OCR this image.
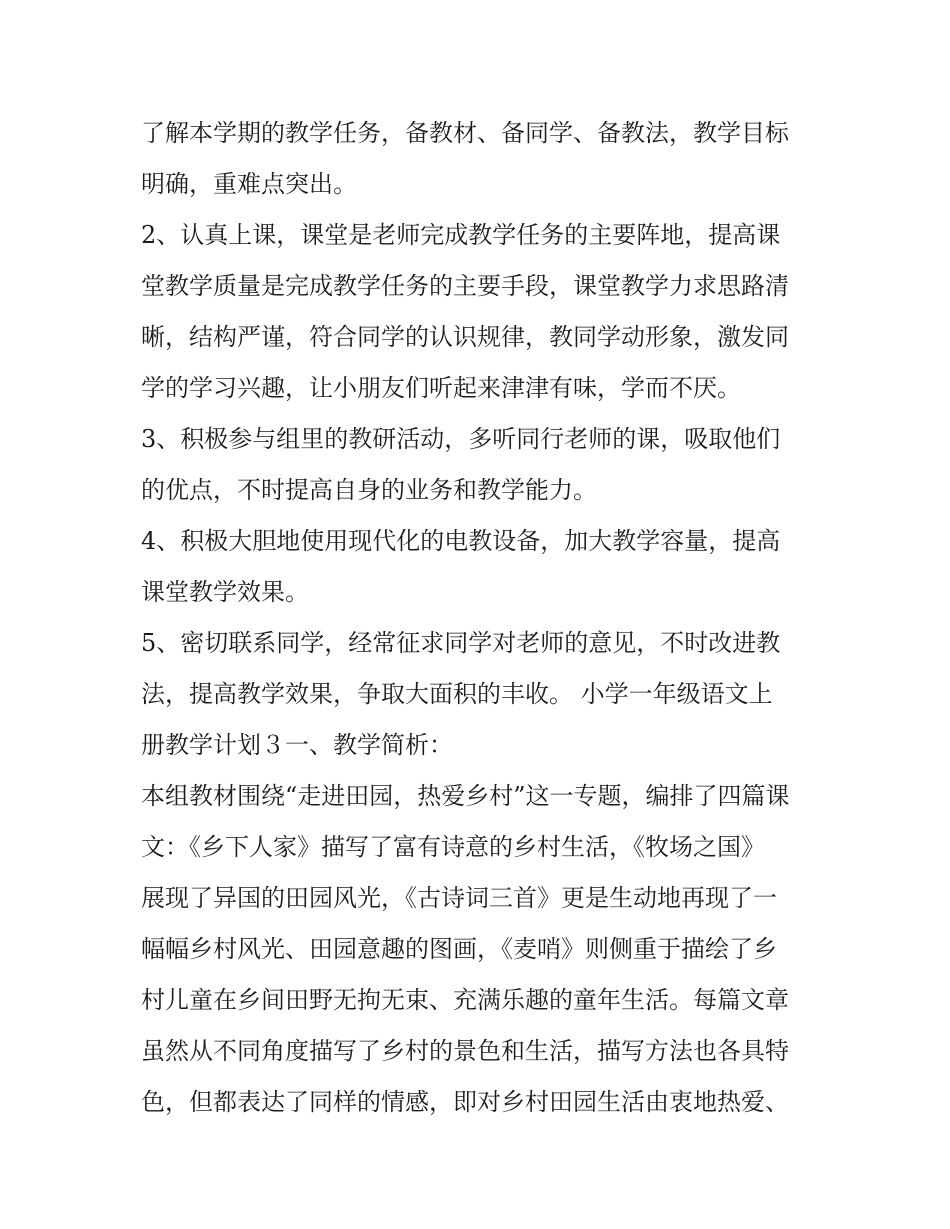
了解本学期的教学任务，备教材、备同学、备教法，教学目标
明确，重难点突出。
2、认真上课，课堂是老师完成教学任务的主要阵地，提高课
堂教学质量是完成教学任务的主要手段，课堂教学力求思路清
晰，结构严谨，符合同学的认识规律，教同学动形象，激发同
学的学习兴趣，让小朋友们听起来津津有味，学而不厌。
3、积极参与组里的教研活动，多听同行老师的课，吸取他们
的优点，不时提高自身的业务和教学能力。
4、积极大胆地使用现代化的电教设备，加大教学容量，提高
课堂教学效果。
5、密切联系同学，经常征求同学对老师的意见，不时改进教
法，提高教学效果，争取大面积的丰收。 小学一年级语文上
册教学计划３一、教学简析：
本组教材围绕“走进田园，热爱乡村”这一专题，编排了四篇课
文：《乡下人家》描写了富有诗意的乡村生活，《牧场之国》
展现了异国的田园风光，《古诗词三首》更是生动地再现了一
幅幅乡村风光、田园意趣的图画，《麦哨》则侧重于描绘了乡
村儿童在乡间田野无拘无束、充满乐趣的童年生活。每篇文章
虽然从不同角度描写了乡村的景色和生活，描写方法也各具特
色，但都表达了同样的情感，即对乡村田园生活由衷地热爱、
